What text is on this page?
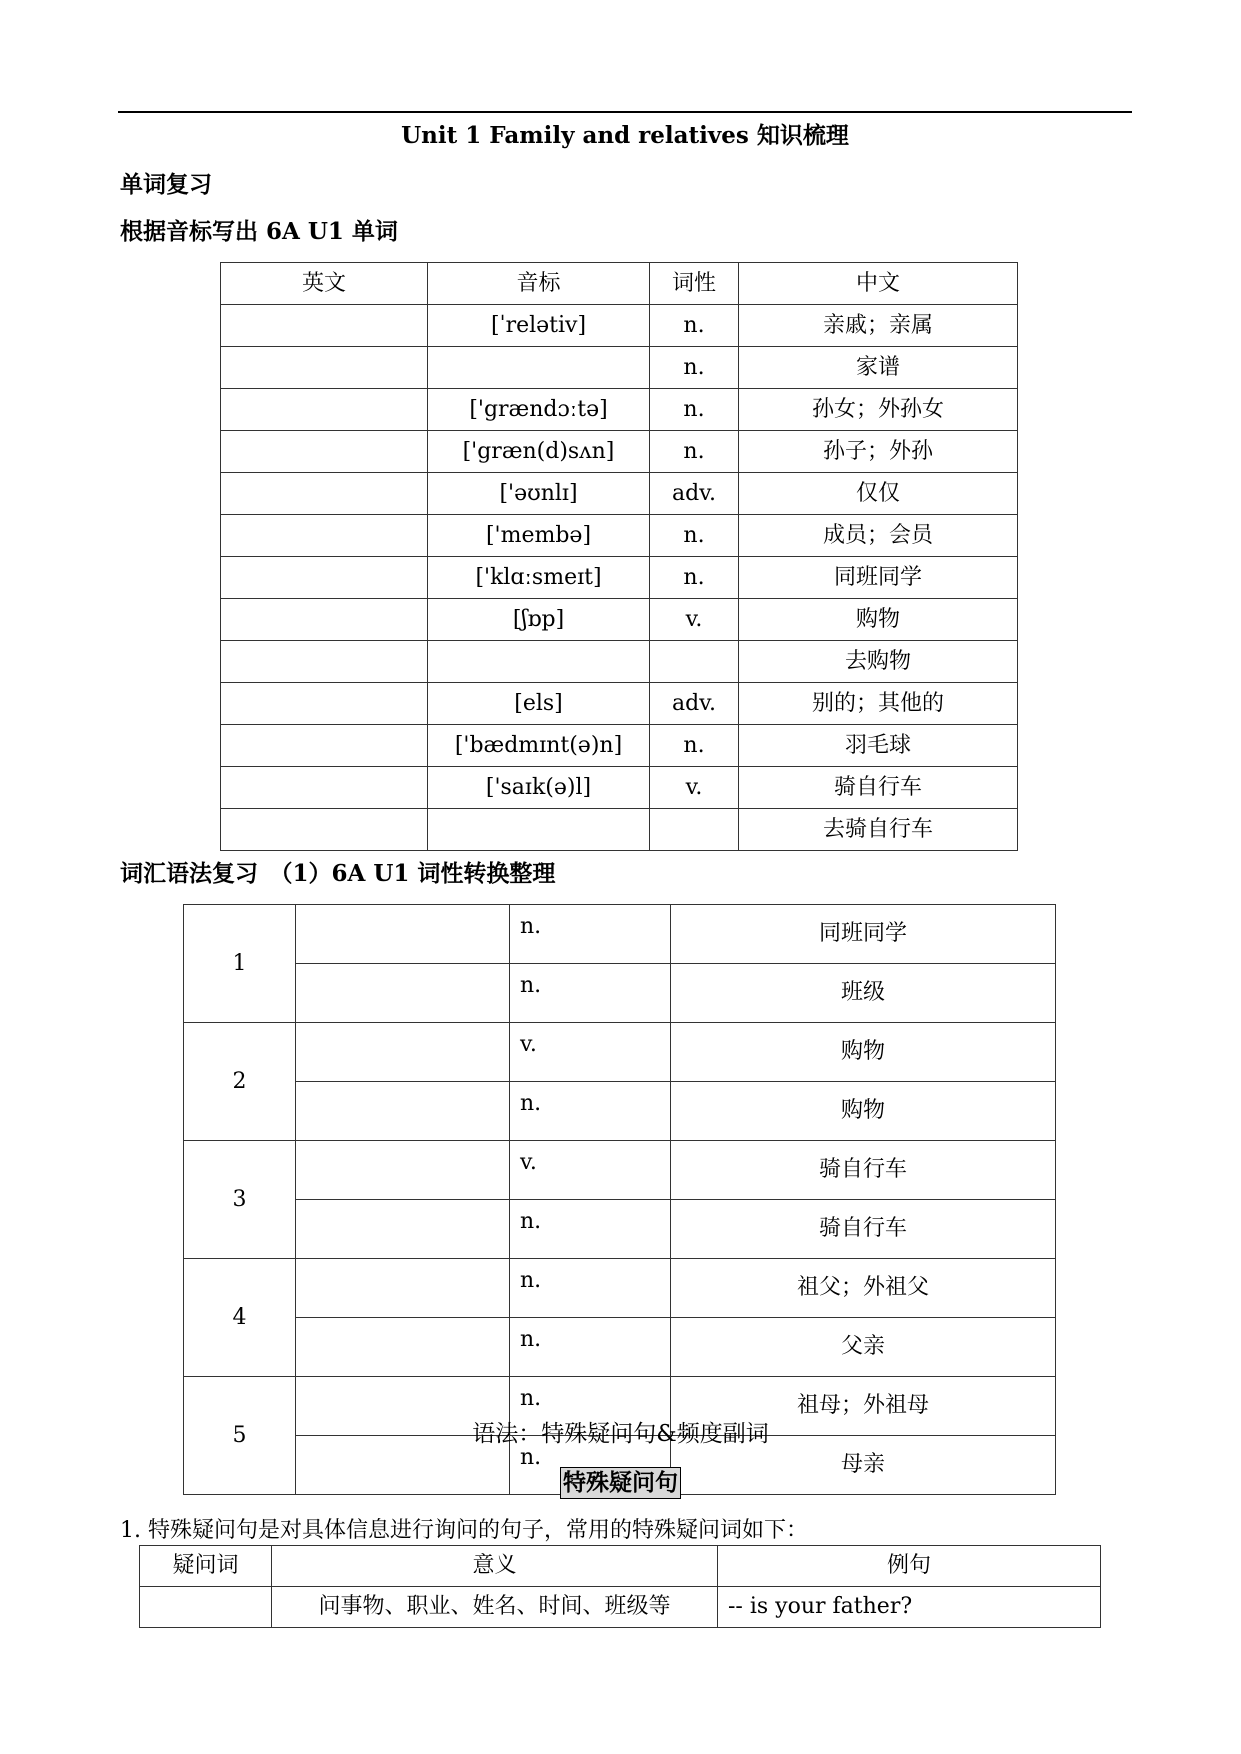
Unit 1 Family and relatives 知识梳理
单词复习
根据音标写出 6A U1 单词
英文	音标	词性	中文
	[ˈreləti̇v]	n.	亲戚；亲属
		n.	家谱
	['grændɔːtə]	n.	孙女；外孙女
	['græn(d)sʌn]	n.	孙子；外孙
	['əʊnlɪ]	adv.	仅仅
	['membə]	n.	成员；会员
	['klɑːsmeɪt]	n.	同班同学
	[ʃɒp]	v.	购物
			去购物
	[els]	adv.	别的；其他的
	['bædmɪnt(ə)n]	n.	羽毛球
	['saɪk(ə)l]	v.	骑自行车
			去骑自行车
词汇语法复习　（1）6A U1 词性转换整理
1		n.	同班同学
		n.	班级
2		v.	购物
		n.	购物
3		v.	骑自行车
		n.	骑自行车
4		n.	祖父；外祖父
		n.	父亲
5		n.	祖母；外祖母
		n.	母亲
语法：特殊疑问句&频度副词
特殊疑问句
1. 特殊疑问句是对具体信息进行询问的句子，常用的特殊疑问词如下：
疑问词	意义	例句
	问事物、职业、姓名、时间、班级等	-- is your father?
